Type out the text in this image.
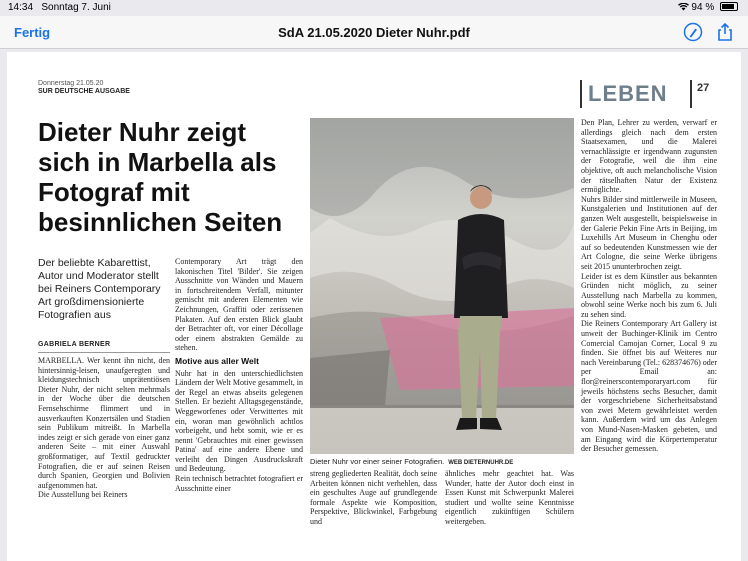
14:34 Sonntag 7. Juni	94 %
Fertig	SdA 21.05.2020 Dieter Nuhr.pdf
Donnerstag 21.05.20
SUR DEUTSCHE AUSGABE	LEBEN	27
Dieter Nuhr zeigt sich in Marbella als Fotograf mit besinnlichen Seiten
Der beliebte Kabarettist, Autor und Moderator stellt bei Reiners Contemporary Art großdimensionierte Fotografien aus
GABRIELA BERNER
MARBELLA. Wer kennt ihn nicht, den hintersinnig-leisen, unaufgeregten und kleidungstechnisch unprätentiösen Dieter Nuhr, der nicht selten mehrmals in der Woche über die deutschen Fernsehschirme flimmert und in ausverkauften Konzertsälen und Stadien sein Publikum mitreißt. In Marbella indes zeigt er sich gerade von einer ganz anderen Seite – mit einer Auswahl großformatiger, auf Textil gedruckter Fotografien, die er auf seinen Reisen durch Spanien, Georgien und Bolivien aufgenommen hat.
Die Ausstellung bei Reiners
Contemporary Art trägt den lakonischen Titel 'Bilder'. Sie zeigen Ausschnitte von Wänden und Mauern in fortschreitendem Verfall, mitunter gemischt mit anderen Elementen wie Zeichnungen, Graffiti oder zerissenen Plakaten. Auf den ersten Blick glaubt der Betrachter oft, vor einer Décollage oder einem abstrakten Gemälde zu stehen.
Motive aus aller Welt
Nuhr hat in den unterschiedlichsten Ländern der Welt Motive gesammelt, in der Regel an etwas abseits gelegenen Stellen. Er bezieht Alltagsgegenstände, Weggeworfenes oder Verwittertes mit ein, woran man gewöhnlich achtlos vorbeigeht, und hebt somit, wie er es nennt 'Gebrauchtes mit einer gewissen Patina' auf eine andere Ebene und verleiht den Dingen Ausdruckskraft und Bedeutung.
Rein technisch betrachtet fotografiert er Ausschnitte einer
Dieter Nuhr vor einer seiner Fotografien. WEB DIETERNUHR.DE
streng gegliederten Realität, doch seine Arbeiten können nicht verhehlen, dass ein geschultes Auge auf grundlegende formale Aspekte wie Komposition, Perspektive, Blickwinkel, Farbgebung und
ähnliches mehr geachtet hat. Was Wunder, hatte der Autor doch einst in Essen Kunst mit Schwerpunkt Malerei studiert und wollte seine Kenntnisse eigentlich zukünftigen Schülern weitergeben.
Den Plan, Lehrer zu werden, verwarf er allerdings gleich nach dem ersten Staatsexamen, und die Malerei vernachlässigte er irgendwann zugunsten der Fotografie, weil die ihm eine objektive, oft auch melancholische Vision der rätselhaften Natur der Existenz ermöglichte.
Nuhrs Bilder sind mittlerweile in Museen, Kunstgalerien und Institutionen auf der ganzen Welt ausgestellt, beispielsweise in der Galerie Pekin Fine Arts in Beijing, im Luxehills Art Museum in Chenghu oder auf so bedeutenden Kunstmessen wie der Art Cologne, die seine Werke übrigens seit 2015 ununterbrochen zeigt.
Leider ist es dem Künstler aus bekannten Gründen nicht möglich, zu seiner Ausstellung nach Marbella zu kommen, obwohl seine Werke noch bis zum 6. Juli zu sehen sind.
Die Reiners Contemporary Art Gallery ist unweit der Buchinger-Klinik im Centro Comercial Camojan Corner, Local 9 zu finden. Sie öffnet bis auf Weiteres nur nach Vereinbarung (Tel.: 628374676) oder per Email an: flor@reinerscontemporaryart.com für jeweils höchstens sechs Besucher, damit der vorgeschriebene Sicherheitsabstand von zwei Metern gewährleistet werden kann. Außerdem wird um das Anlegen von Mund-Nasen-Masken gebeten, und am Eingang wird die Körpertemperatur der Besucher gemessen.
